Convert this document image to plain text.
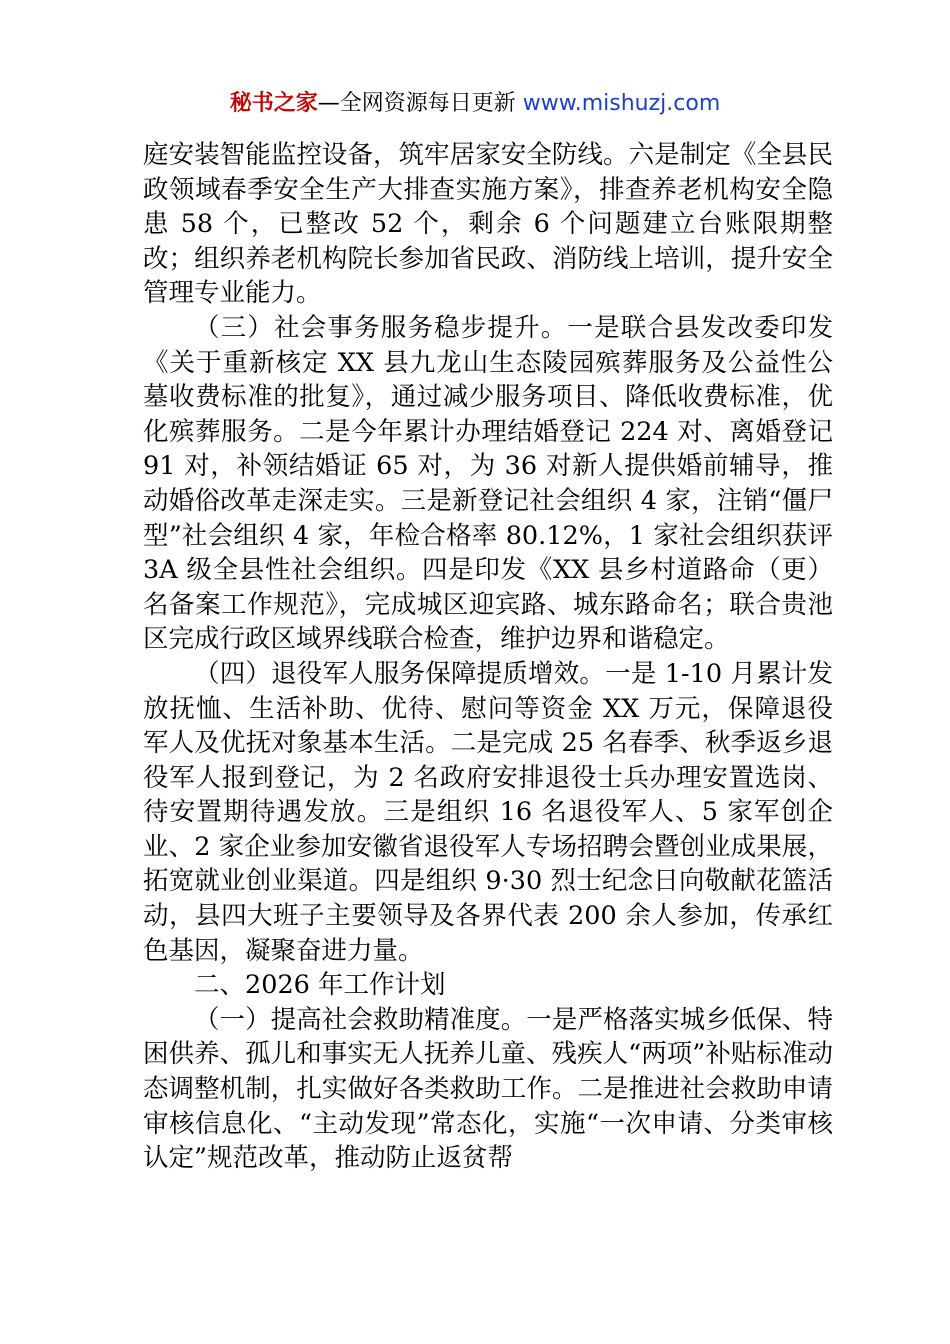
秘书之家—全网资源每日更新 www.mishuzj.com

庭安装智能监控设备，筑牢居家安全防线。六是制定《全县民政领域春季安全生产大排查实施方案》，排查养老机构安全隐患 58 个，已整改 52 个，剩余 6 个问题建立台账限期整改；组织养老机构院长参加省民政、消防线上培训，提升安全管理专业能力。

（三）社会事务服务稳步提升。一是联合县发改委印发《关于重新核定 XX 县九龙山生态陵园殡葬服务及公益性公墓收费标准的批复》，通过减少服务项目、降低收费标准，优化殡葬服务。二是今年累计办理结婚登记 224 对、离婚登记 91 对，补领结婚证 65 对，为 36 对新人提供婚前辅导，推动婚俗改革走深走实。三是新登记社会组织 4 家，注销“僵尸型”社会组织 4 家，年检合格率 80.12%，1 家社会组织获评 3A 级全县性社会组织。四是印发《XX 县乡村道路命（更）名备案工作规范》，完成城区迎宾路、城东路命名；联合贵池区完成行政区域界线联合检查，维护边界和谐稳定。

（四）退役军人服务保障提质增效。一是 1-10 月累计发放抚恤、生活补助、优待、慰问等资金 XX 万元，保障退役军人及优抚对象基本生活。二是完成 25 名春季、秋季返乡退役军人报到登记，为 2 名政府安排退役士兵办理安置选岗、待安置期待遇发放。三是组织 16 名退役军人、5 家军创企业、2 家企业参加安徽省退役军人专场招聘会暨创业成果展，拓宽就业创业渠道。四是组织 9·30 烈士纪念日向敬献花篮活动，县四大班子主要领导及各界代表 200 余人参加，传承红色基因，凝聚奋进力量。

二、2026 年工作计划

（一）提高社会救助精准度。一是严格落实城乡低保、特困供养、孤儿和事实无人抚养儿童、残疾人“两项”补贴标准动态调整机制，扎实做好各类救助工作。二是推进社会救助申请审核信息化、“主动发现”常态化，实施“一次申请、分类审核认定”规范改革，推动防止返贫帮
